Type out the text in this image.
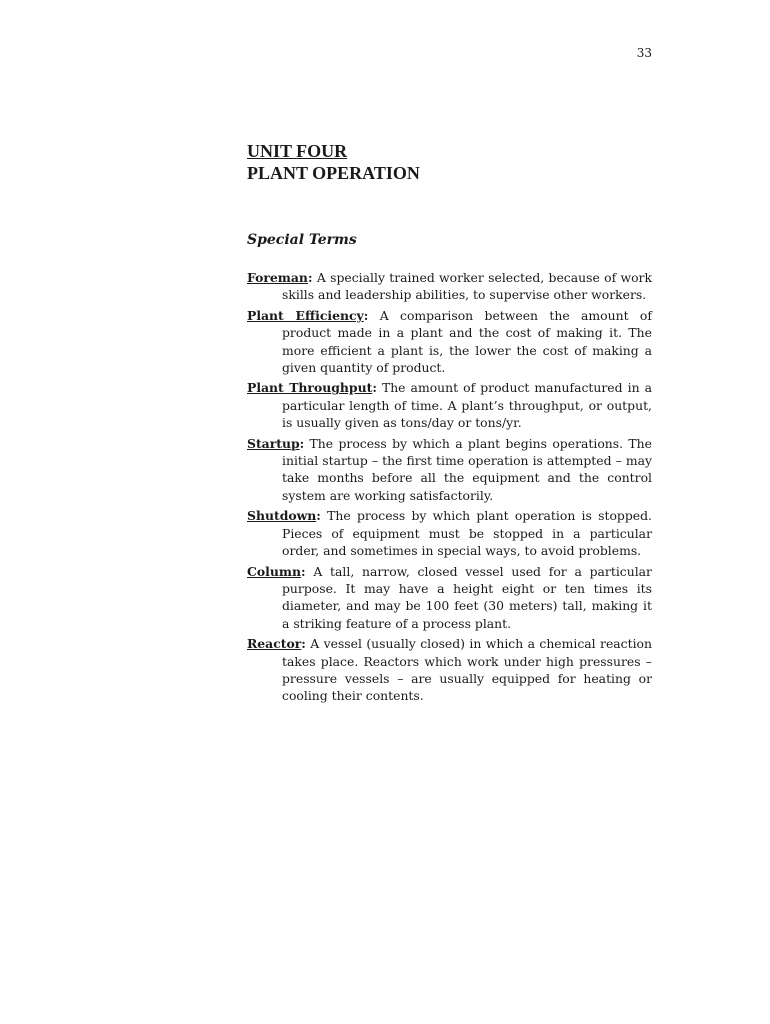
33
UNIT FOUR
PLANT OPERATION
Special Terms
Foreman: A specially trained worker selected, because of work skills and leadership abilities, to supervise other workers.
Plant Efficiency: A comparison between the amount of product made in a plant and the cost of making it. The more efficient a plant is, the lower the cost of making a given quantity of product.
Plant Throughput: The amount of product manufactured in a particular length of time. A plant’s throughput, or output, is usually given as tons/day or tons/yr.
Startup: The process by which a plant begins operations. The initial startup – the first time operation is attempted – may take months before all the equipment and the control system are working satisfactorily.
Shutdown: The process by which plant operation is stopped. Pieces of equipment must be stopped in a particular order, and sometimes in special ways, to avoid problems.
Column: A tall, narrow, closed vessel used for a particular purpose. It may have a height eight or ten times its diameter, and may be 100 feet (30 meters) tall, making it a striking feature of a process plant.
Reactor: A vessel (usually closed) in which a chemical reaction takes place. Reactors which work under high pressures – pressure vessels – are usually equipped for heating or cooling their contents.
